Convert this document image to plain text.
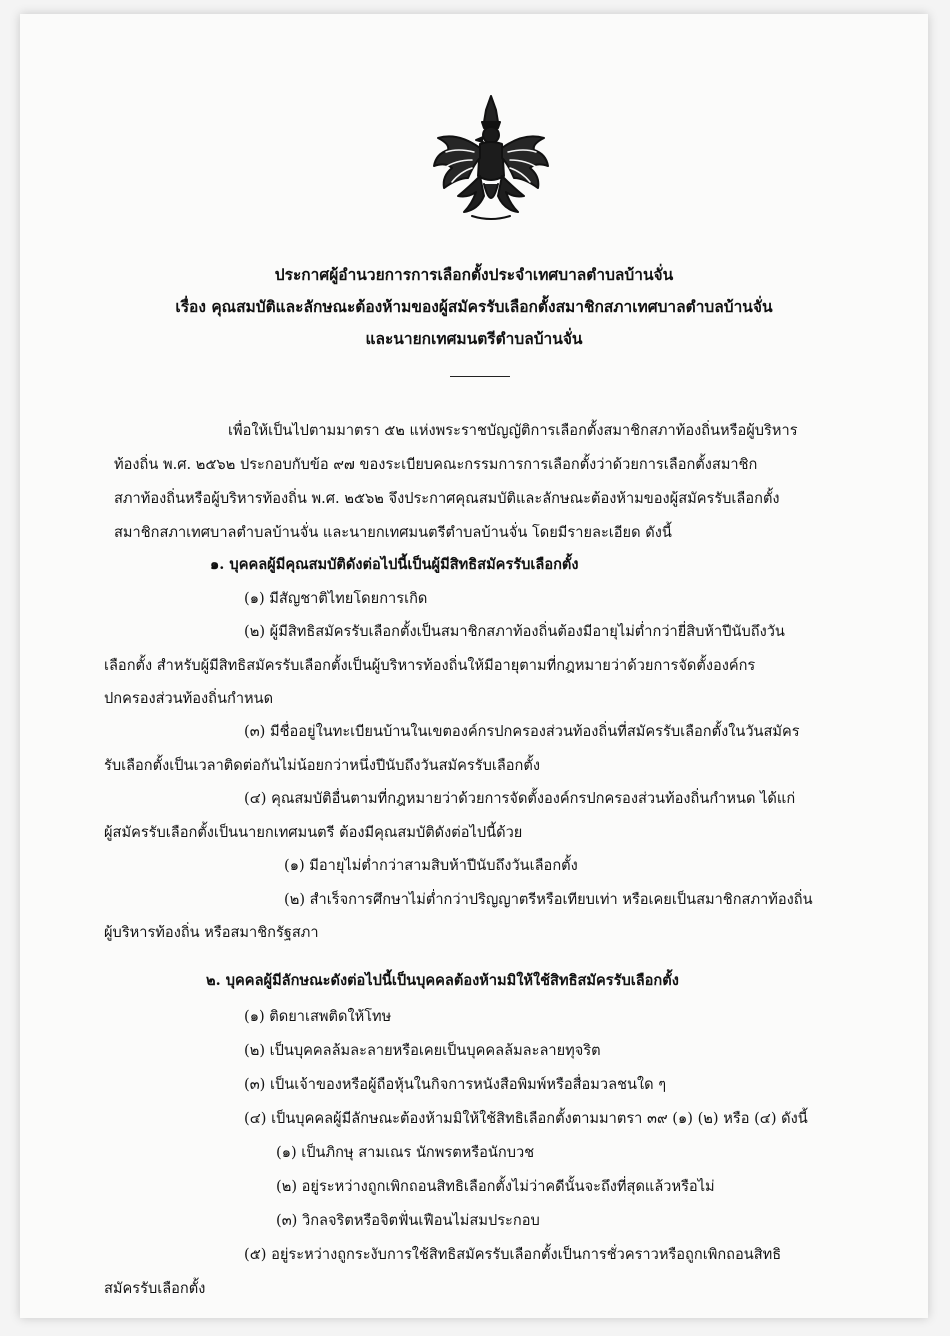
ประกาศผู้อำนวยการการเลือกตั้งประจำเทศบาลตำบลบ้านจั่น
เรื่อง คุณสมบัติและลักษณะต้องห้ามของผู้สมัครรับเลือกตั้งสมาชิกสภาเทศบาลตำบลบ้านจั่น
และนายกเทศมนตรีตำบลบ้านจั่น
เพื่อให้เป็นไปตามมาตรา ๕๒ แห่งพระราชบัญญัติการเลือกตั้งสมาชิกสภาท้องถิ่นหรือผู้บริหาร
ท้องถิ่น พ.ศ. ๒๕๖๒ ประกอบกับข้อ ๙๗ ของระเบียบคณะกรรมการการเลือกตั้งว่าด้วยการเลือกตั้งสมาชิก
สภาท้องถิ่นหรือผู้บริหารท้องถิ่น พ.ศ. ๒๕๖๒ จึงประกาศคุณสมบัติและลักษณะต้องห้ามของผู้สมัครรับเลือกตั้ง
สมาชิกสภาเทศบาลตำบลบ้านจั่น และนายกเทศมนตรีตำบลบ้านจั่น โดยมีรายละเอียด ดังนี้
๑. บุคคลผู้มีคุณสมบัติดังต่อไปนี้เป็นผู้มีสิทธิสมัครรับเลือกตั้ง
(๑) มีสัญชาติไทยโดยการเกิด
(๒) ผู้มีสิทธิสมัครรับเลือกตั้งเป็นสมาชิกสภาท้องถิ่นต้องมีอายุไม่ต่ำกว่ายี่สิบห้าปีนับถึงวัน
เลือกตั้ง สำหรับผู้มีสิทธิสมัครรับเลือกตั้งเป็นผู้บริหารท้องถิ่นให้มีอายุตามที่กฎหมายว่าด้วยการจัดตั้งองค์กร
ปกครองส่วนท้องถิ่นกำหนด
(๓) มีชื่ออยู่ในทะเบียนบ้านในเขตองค์กรปกครองส่วนท้องถิ่นที่สมัครรับเลือกตั้งในวันสมัคร
รับเลือกตั้งเป็นเวลาติดต่อกันไม่น้อยกว่าหนึ่งปีนับถึงวันสมัครรับเลือกตั้ง
(๔) คุณสมบัติอื่นตามที่กฎหมายว่าด้วยการจัดตั้งองค์กรปกครองส่วนท้องถิ่นกำหนด ได้แก่
ผู้สมัครรับเลือกตั้งเป็นนายกเทศมนตรี ต้องมีคุณสมบัติดังต่อไปนี้ด้วย
(๑) มีอายุไม่ต่ำกว่าสามสิบห้าปีนับถึงวันเลือกตั้ง
(๒) สำเร็จการศึกษาไม่ต่ำกว่าปริญญาตรีหรือเทียบเท่า หรือเคยเป็นสมาชิกสภาท้องถิ่น
ผู้บริหารท้องถิ่น หรือสมาชิกรัฐสภา
๒. บุคคลผู้มีลักษณะดังต่อไปนี้เป็นบุคคลต้องห้ามมิให้ใช้สิทธิสมัครรับเลือกตั้ง
(๑) ติดยาเสพติดให้โทษ
(๒) เป็นบุคคลล้มละลายหรือเคยเป็นบุคคลล้มละลายทุจริต
(๓) เป็นเจ้าของหรือผู้ถือหุ้นในกิจการหนังสือพิมพ์หรือสื่อมวลชนใด ๆ
(๔) เป็นบุคคลผู้มีลักษณะต้องห้ามมิให้ใช้สิทธิเลือกตั้งตามมาตรา ๓๙ (๑) (๒) หรือ (๔) ดังนี้
(๑) เป็นภิกษุ สามเณร นักพรตหรือนักบวช
(๒) อยู่ระหว่างถูกเพิกถอนสิทธิเลือกตั้งไม่ว่าคดีนั้นจะถึงที่สุดแล้วหรือไม่
(๓) วิกลจริตหรือจิตฟั่นเฟือนไม่สมประกอบ
(๕) อยู่ระหว่างถูกระงับการใช้สิทธิสมัครรับเลือกตั้งเป็นการชั่วคราวหรือถูกเพิกถอนสิทธิ
สมัครรับเลือกตั้ง
